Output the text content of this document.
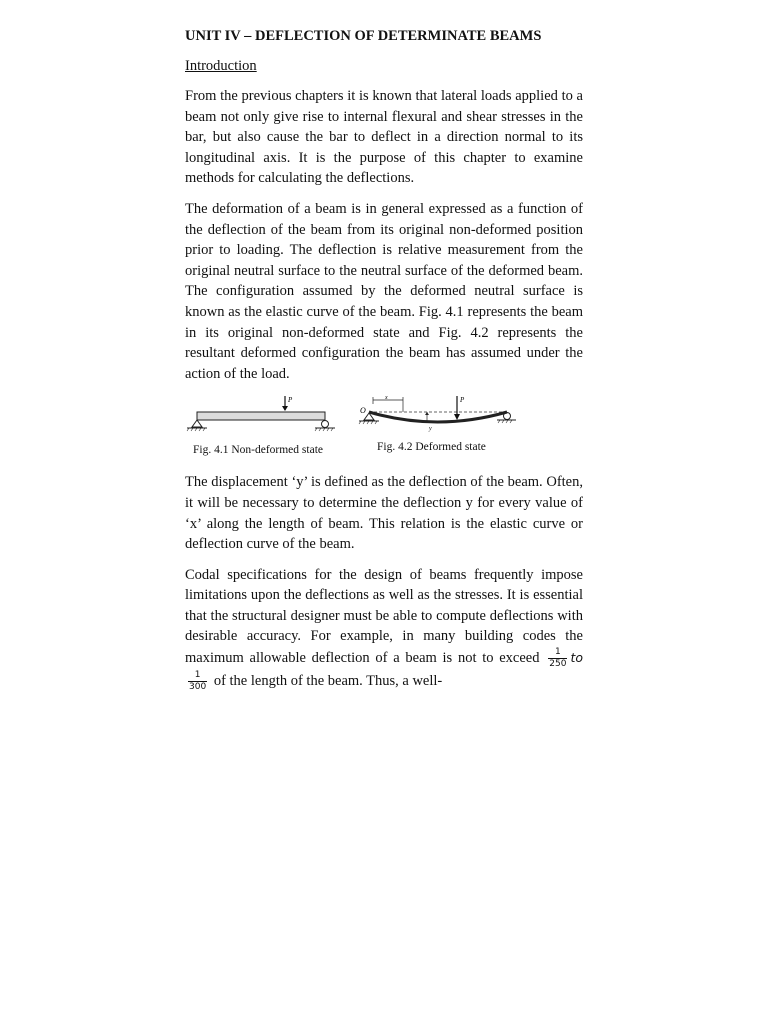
UNIT IV – DEFLECTION OF DETERMINATE BEAMS
Introduction

From the previous chapters it is known that lateral loads applied to a beam not only give rise to internal flexural and shear stresses in the bar, but also cause the bar to deflect in a direction normal to its longitudinal axis. It is the purpose of this chapter to examine methods for calculating the deflections.

The deformation of a beam is in general expressed as a function of the deflection of the beam from its original non-deformed position prior to loading. The deflection is relative measurement from the original neutral surface to the neutral surface of the deformed beam. The configuration assumed by the deformed neutral surface is known as the elastic curve of the beam. Fig. 4.1 represents the beam in its original non-deformed state and Fig. 4.2 represents the resultant deformed configuration the beam has assumed under the action of the load.

P
Fig. 4.1 Non-deformed state
O
x
y
P
Fig. 4.2 Deformed state

The displacement ‘y’ is defined as the deflection of the beam. Often, it will be necessary to determine the deflection y for every value of ‘x’ along the length of beam. This relation is the elastic curve or deflection curve of the beam.

Codal specifications for the design of beams frequently impose limitations upon the deflections as well as the stresses. It is essential that the structural designer must be able to compute deflections with desirable accuracy. For example, in many building codes the maximum allowable deflection of a beam is not to exceed $\frac{1}{250}$ to
$\frac{1}{300}$ of the length of the beam. Thus, a well-
